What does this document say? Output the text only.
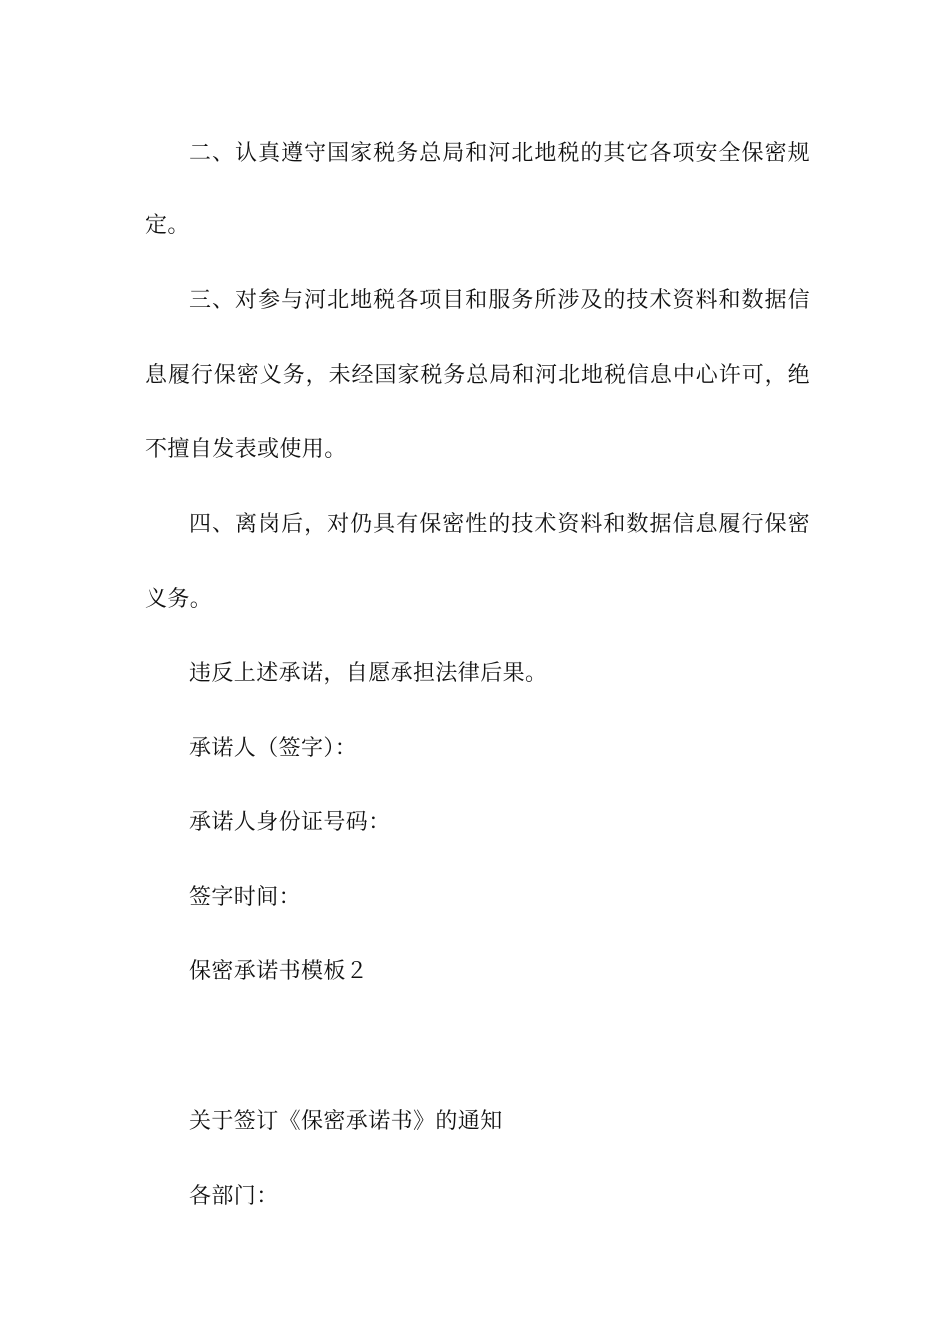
二、认真遵守国家税务总局和河北地税的其它各项安全保密规
定。
三、对参与河北地税各项目和服务所涉及的技术资料和数据信
息履行保密义务，未经国家税务总局和河北地税信息中心许可，绝
不擅自发表或使用。
四、离岗后，对仍具有保密性的技术资料和数据信息履行保密
义务。
违反上述承诺，自愿承担法律后果。
承诺人（签字）：
承诺人身份证号码：
签字时间：
保密承诺书模板２
关于签订《保密承诺书》的通知
各部门：
